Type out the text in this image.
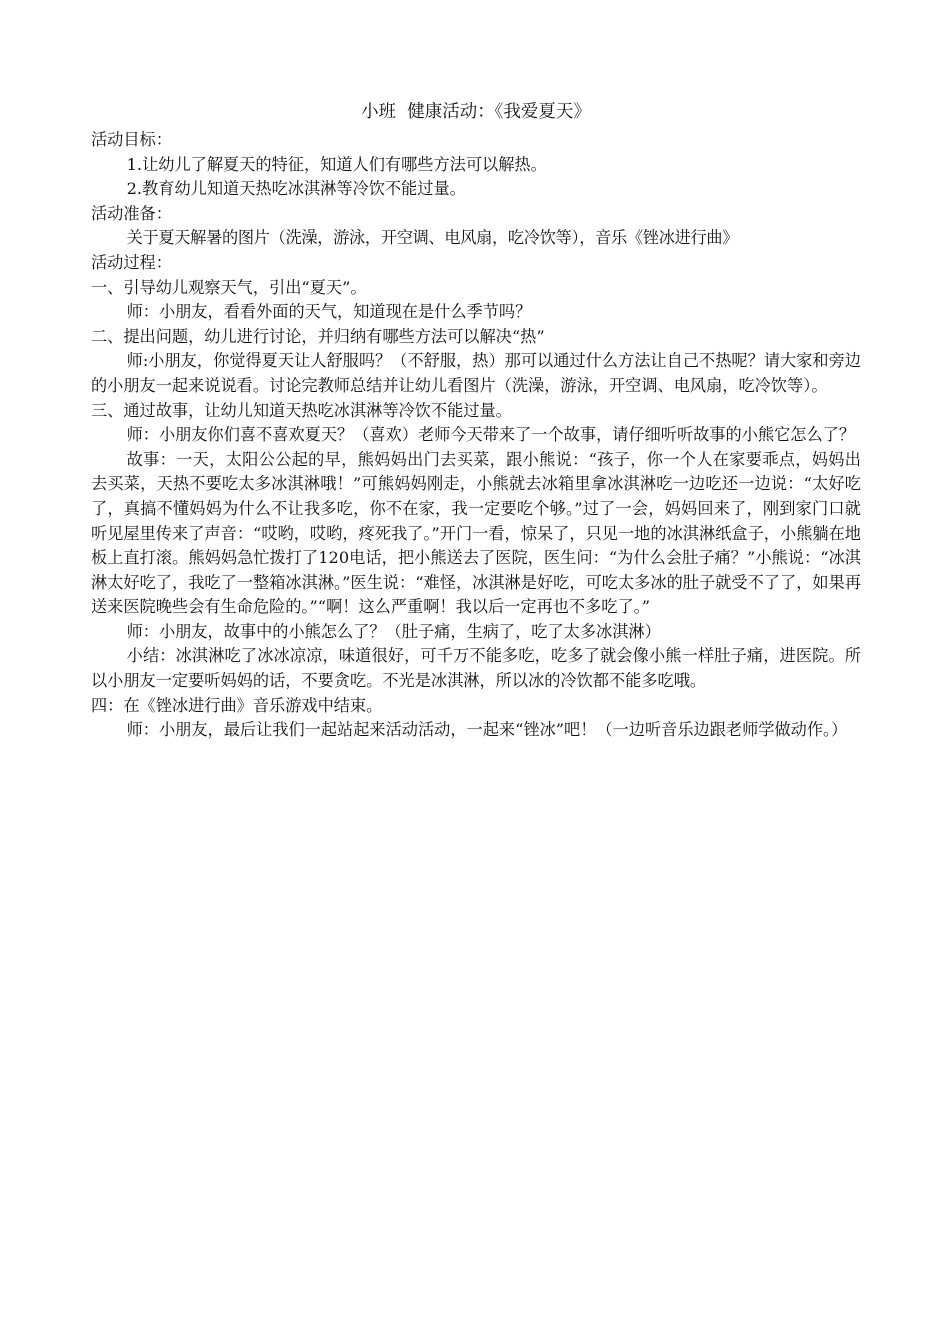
小班  健康活动：《我爱夏天》

活动目标：

1.让幼儿了解夏天的特征，知道人们有哪些方法可以解热。

2.教育幼儿知道天热吃冰淇淋等冷饮不能过量。

活动准备：

关于夏天解暑的图片（洗澡，游泳，开空调、电风扇，吃冷饮等），音乐《锉冰进行曲》

活动过程：

一、引导幼儿观察天气，引出“夏天”。

师：小朋友，看看外面的天气，知道现在是什么季节吗？

二、提出问题，幼儿进行讨论，并归纳有哪些方法可以解决“热”

师:小朋友，你觉得夏天让人舒服吗？（不舒服，热）那可以通过什么方法让自己不热呢？请大家和旁边的小朋友一起来说说看。讨论完教师总结并让幼儿看图片（洗澡，游泳，开空调、电风扇，吃冷饮等）。

三、通过故事，让幼儿知道天热吃冰淇淋等冷饮不能过量。

师：小朋友你们喜不喜欢夏天？（喜欢）老师今天带来了一个故事，请仔细听听故事的小熊它怎么了？

故事：一天，太阳公公起的早，熊妈妈出门去买菜，跟小熊说：“孩子，你一个人在家要乖点，妈妈出去买菜，天热不要吃太多冰淇淋哦！”可熊妈妈刚走，小熊就去冰箱里拿冰淇淋吃一边吃还一边说：“太好吃了，真搞不懂妈妈为什么不让我多吃，你不在家，我一定要吃个够。”过了一会，妈妈回来了，刚到家门口就听见屋里传来了声音：“哎哟，哎哟，疼死我了。”开门一看，惊呆了，只见一地的冰淇淋纸盒子，小熊躺在地板上直打滚。熊妈妈急忙拨打了120电话，把小熊送去了医院，医生问：“为什么会肚子痛？”小熊说：“冰淇淋太好吃了，我吃了一整箱冰淇淋。”医生说：“难怪，冰淇淋是好吃，可吃太多冰的肚子就受不了了，如果再送来医院晚些会有生命危险的。”“啊！这么严重啊！我以后一定再也不多吃了。”

师：小朋友，故事中的小熊怎么了？（肚子痛，生病了，吃了太多冰淇淋）

小结：冰淇淋吃了冰冰凉凉，味道很好，可千万不能多吃，吃多了就会像小熊一样肚子痛，进医院。所以小朋友一定要听妈妈的话，不要贪吃。不光是冰淇淋，所以冰的冷饮都不能多吃哦。

四：在《锉冰进行曲》音乐游戏中结束。

师：小朋友，最后让我们一起站起来活动活动，一起来“锉冰”吧！（一边听音乐边跟老师学做动作。）
